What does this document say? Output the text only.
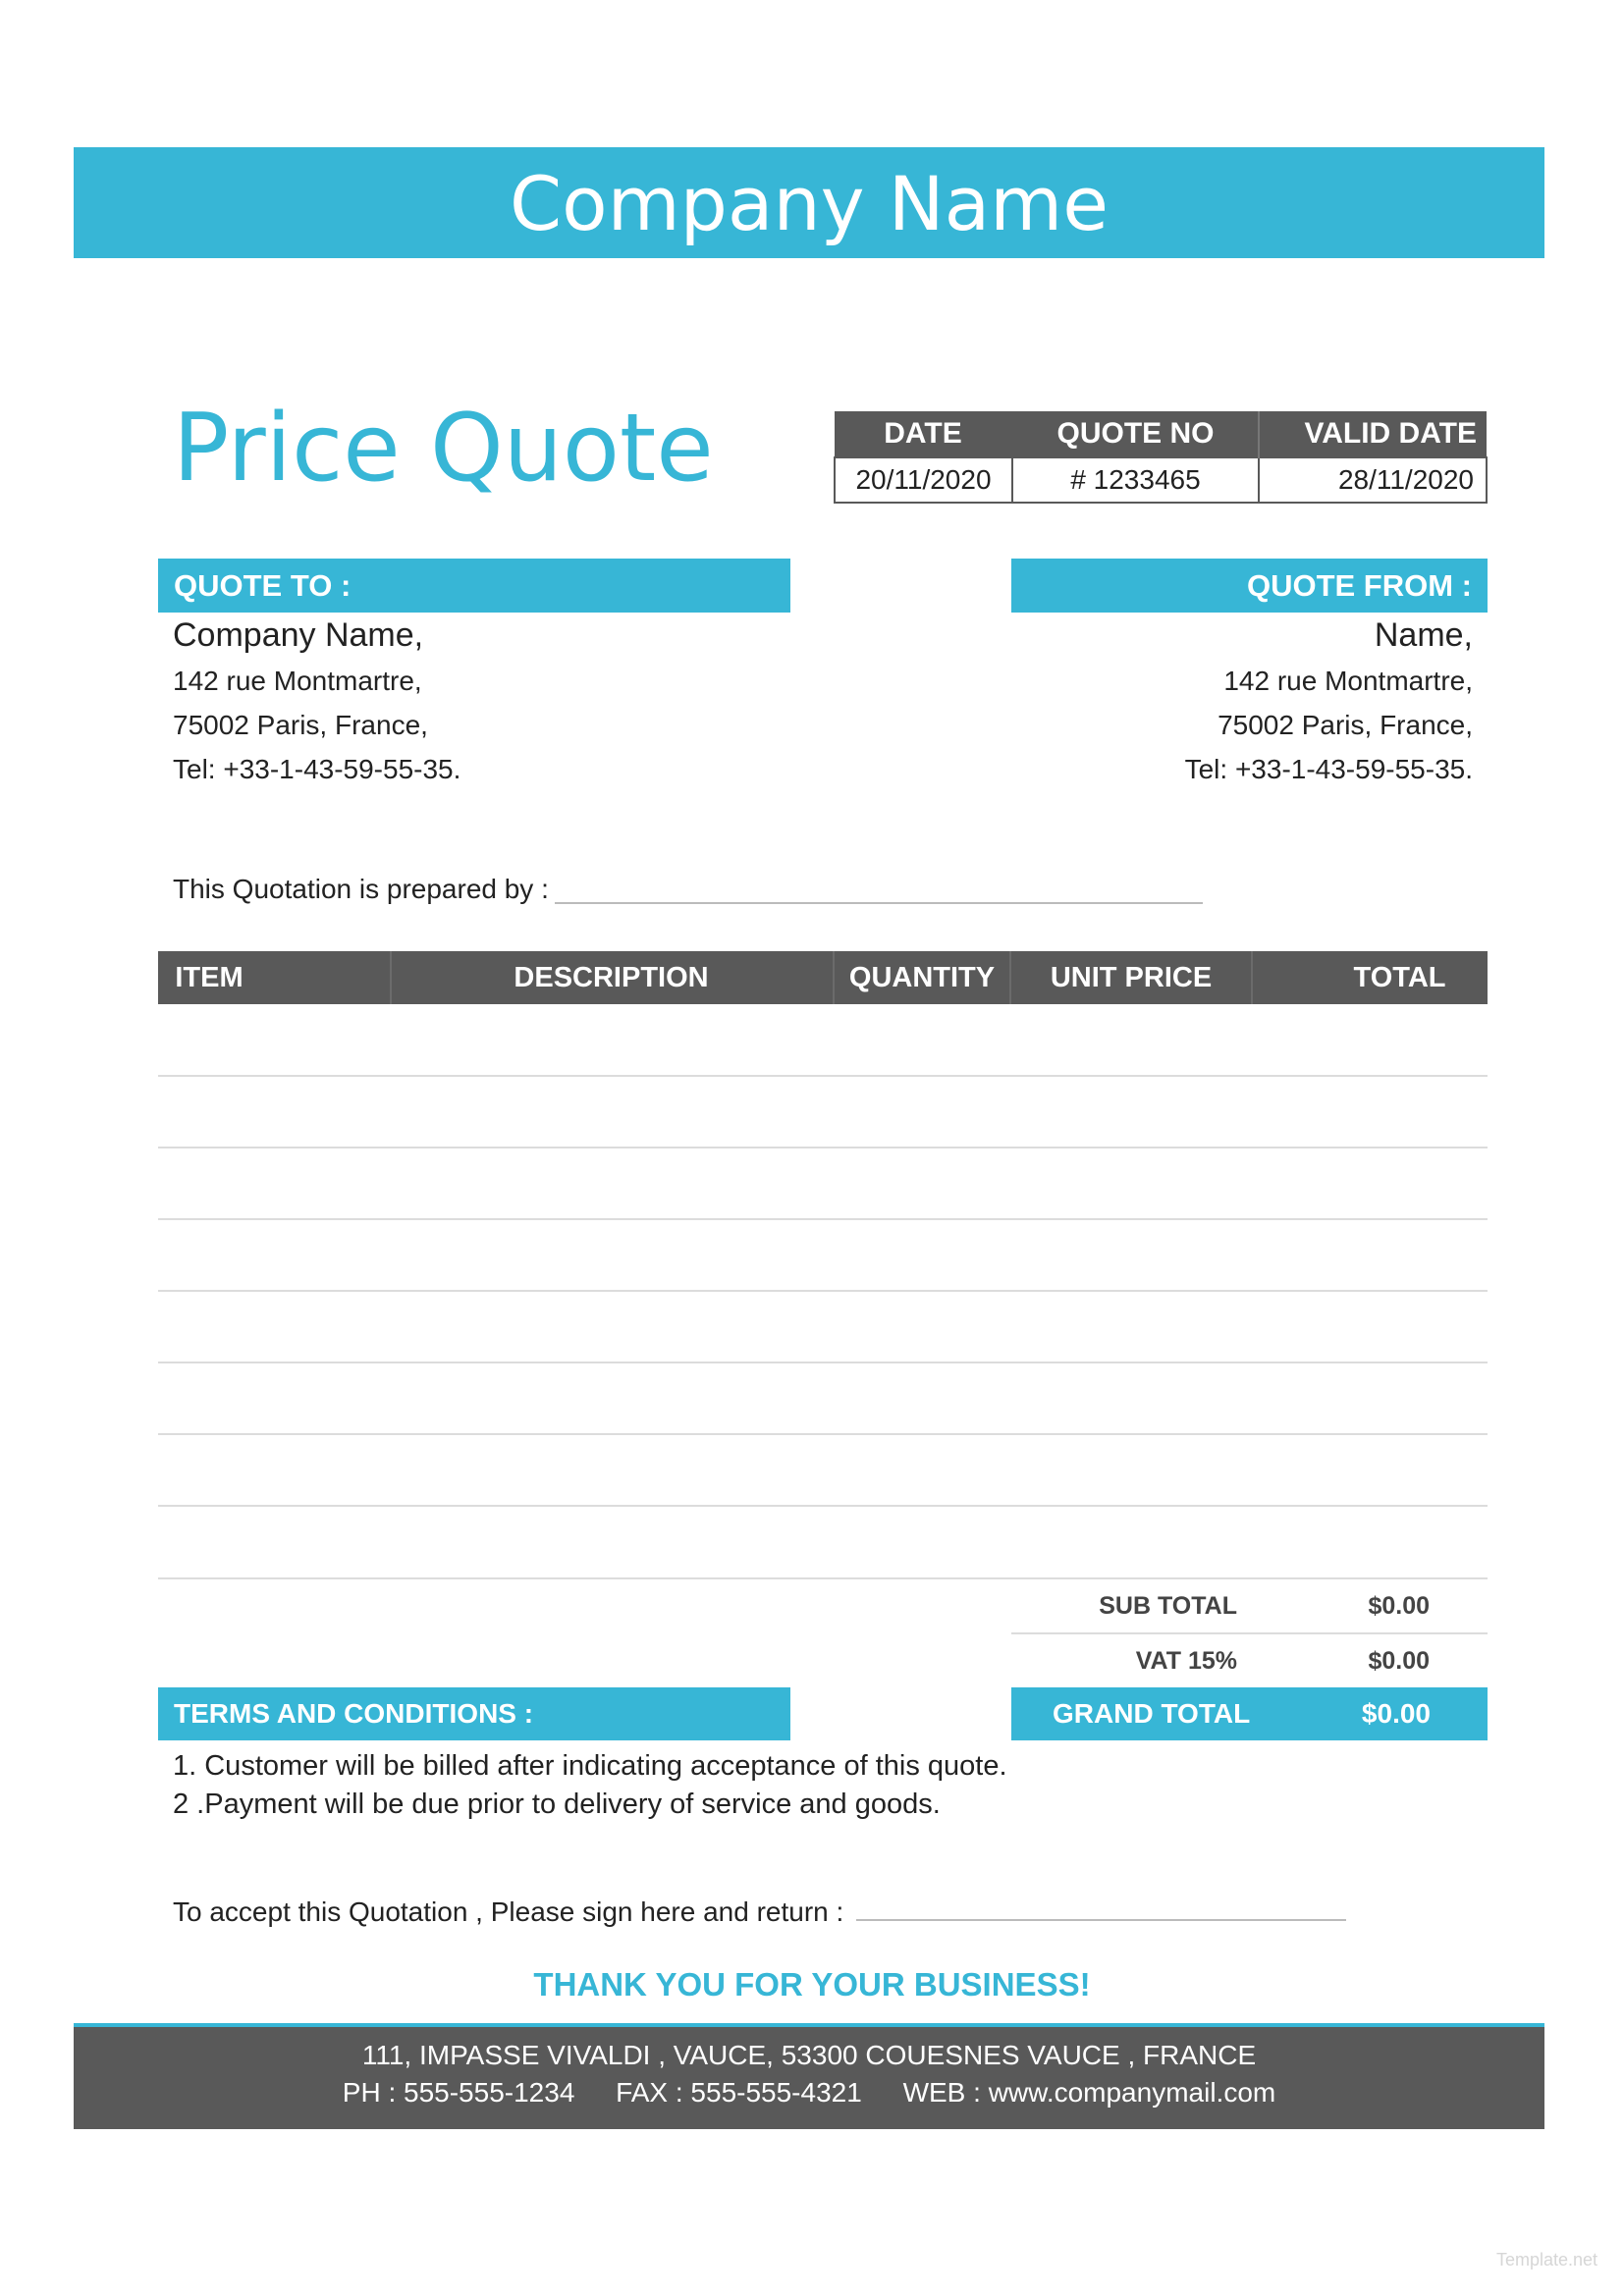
Company Name
Price Quote	DATE	QUOTE NO	VALID DATE
20/11/2020	# 1233465	28/11/2020
QUOTE TO :	QUOTE FROM :
Company Name,
142 rue Montmartre,
75002 Paris, France,
Tel: +33-1-43-59-55-35.
Name,
142 rue Montmartre,
75002 Paris, France,
Tel: +33-1-43-59-55-35.
This Quotation is prepared by :
ITEM	DESCRIPTION	QUANTITY	UNIT PRICE	TOTAL
SUB TOTAL	$0.00
VAT 15%	$0.00
GRAND TOTAL	$0.00
TERMS AND CONDITIONS :
1. Customer will be billed after indicating acceptance of this quote.
2 .Payment will be due prior to delivery of service and goods.
To accept this Quotation , Please sign here and return :
THANK YOU FOR YOUR BUSINESS!
111, IMPASSE VIVALDI , VAUCE, 53300 COUESNES VAUCE , FRANCE
PH : 555-555-1234 FAX : 555-555-4321 WEB : www.companymail.com
Template.net
